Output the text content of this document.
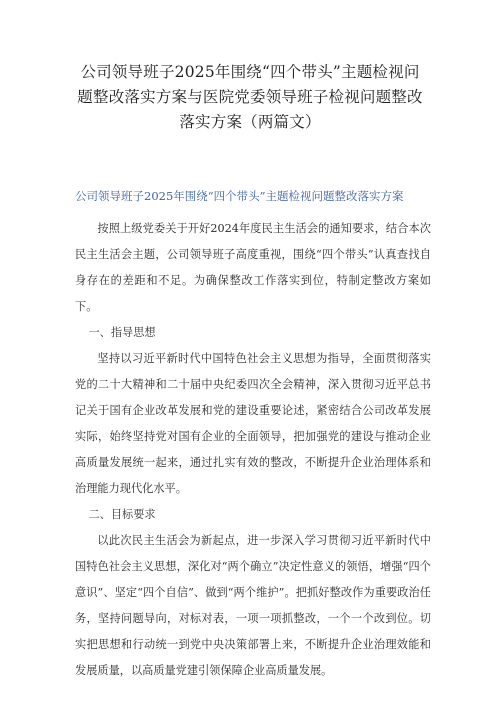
公司领导班子2025年围绕“四个带头”主题检视问
题整改落实方案与医院党委领导班子检视问题整改
落实方案（两篇文）
公司领导班子2025年围绕“四个带头”主题检视问题整改落实方案

按照上级党委关于开好2024年度民主生活会的通知要求，结合本次民主生活会主题，公司领导班子高度重视，围绕“四个带头”认真查找自身存在的差距和不足。为确保整改工作落实到位，特制定整改方案如下。

一、指导思想

坚持以习近平新时代中国特色社会主义思想为指导，全面贯彻落实党的二十大精神和二十届中央纪委四次全会精神，深入贯彻习近平总书记关于国有企业改革发展和党的建设重要论述，紧密结合公司改革发展实际，始终坚持党对国有企业的全面领导，把加强党的建设与推动企业高质量发展统一起来，通过扎实有效的整改，不断提升企业治理体系和治理能力现代化水平。

二、目标要求

以此次民主生活会为新起点，进一步深入学习贯彻习近平新时代中国特色社会主义思想，深化对“两个确立”决定性意义的领悟，增强“四个意识”、坚定“四个自信”、做到“两个维护”。把抓好整改作为重要政治任务，坚持问题导向，对标对表，一项一项抓整改，一个一个改到位。切实把思想和行动统一到党中央决策部署上来，不断提升企业治理效能和发展质量，以高质量党建引领保障企业高质量发展。
